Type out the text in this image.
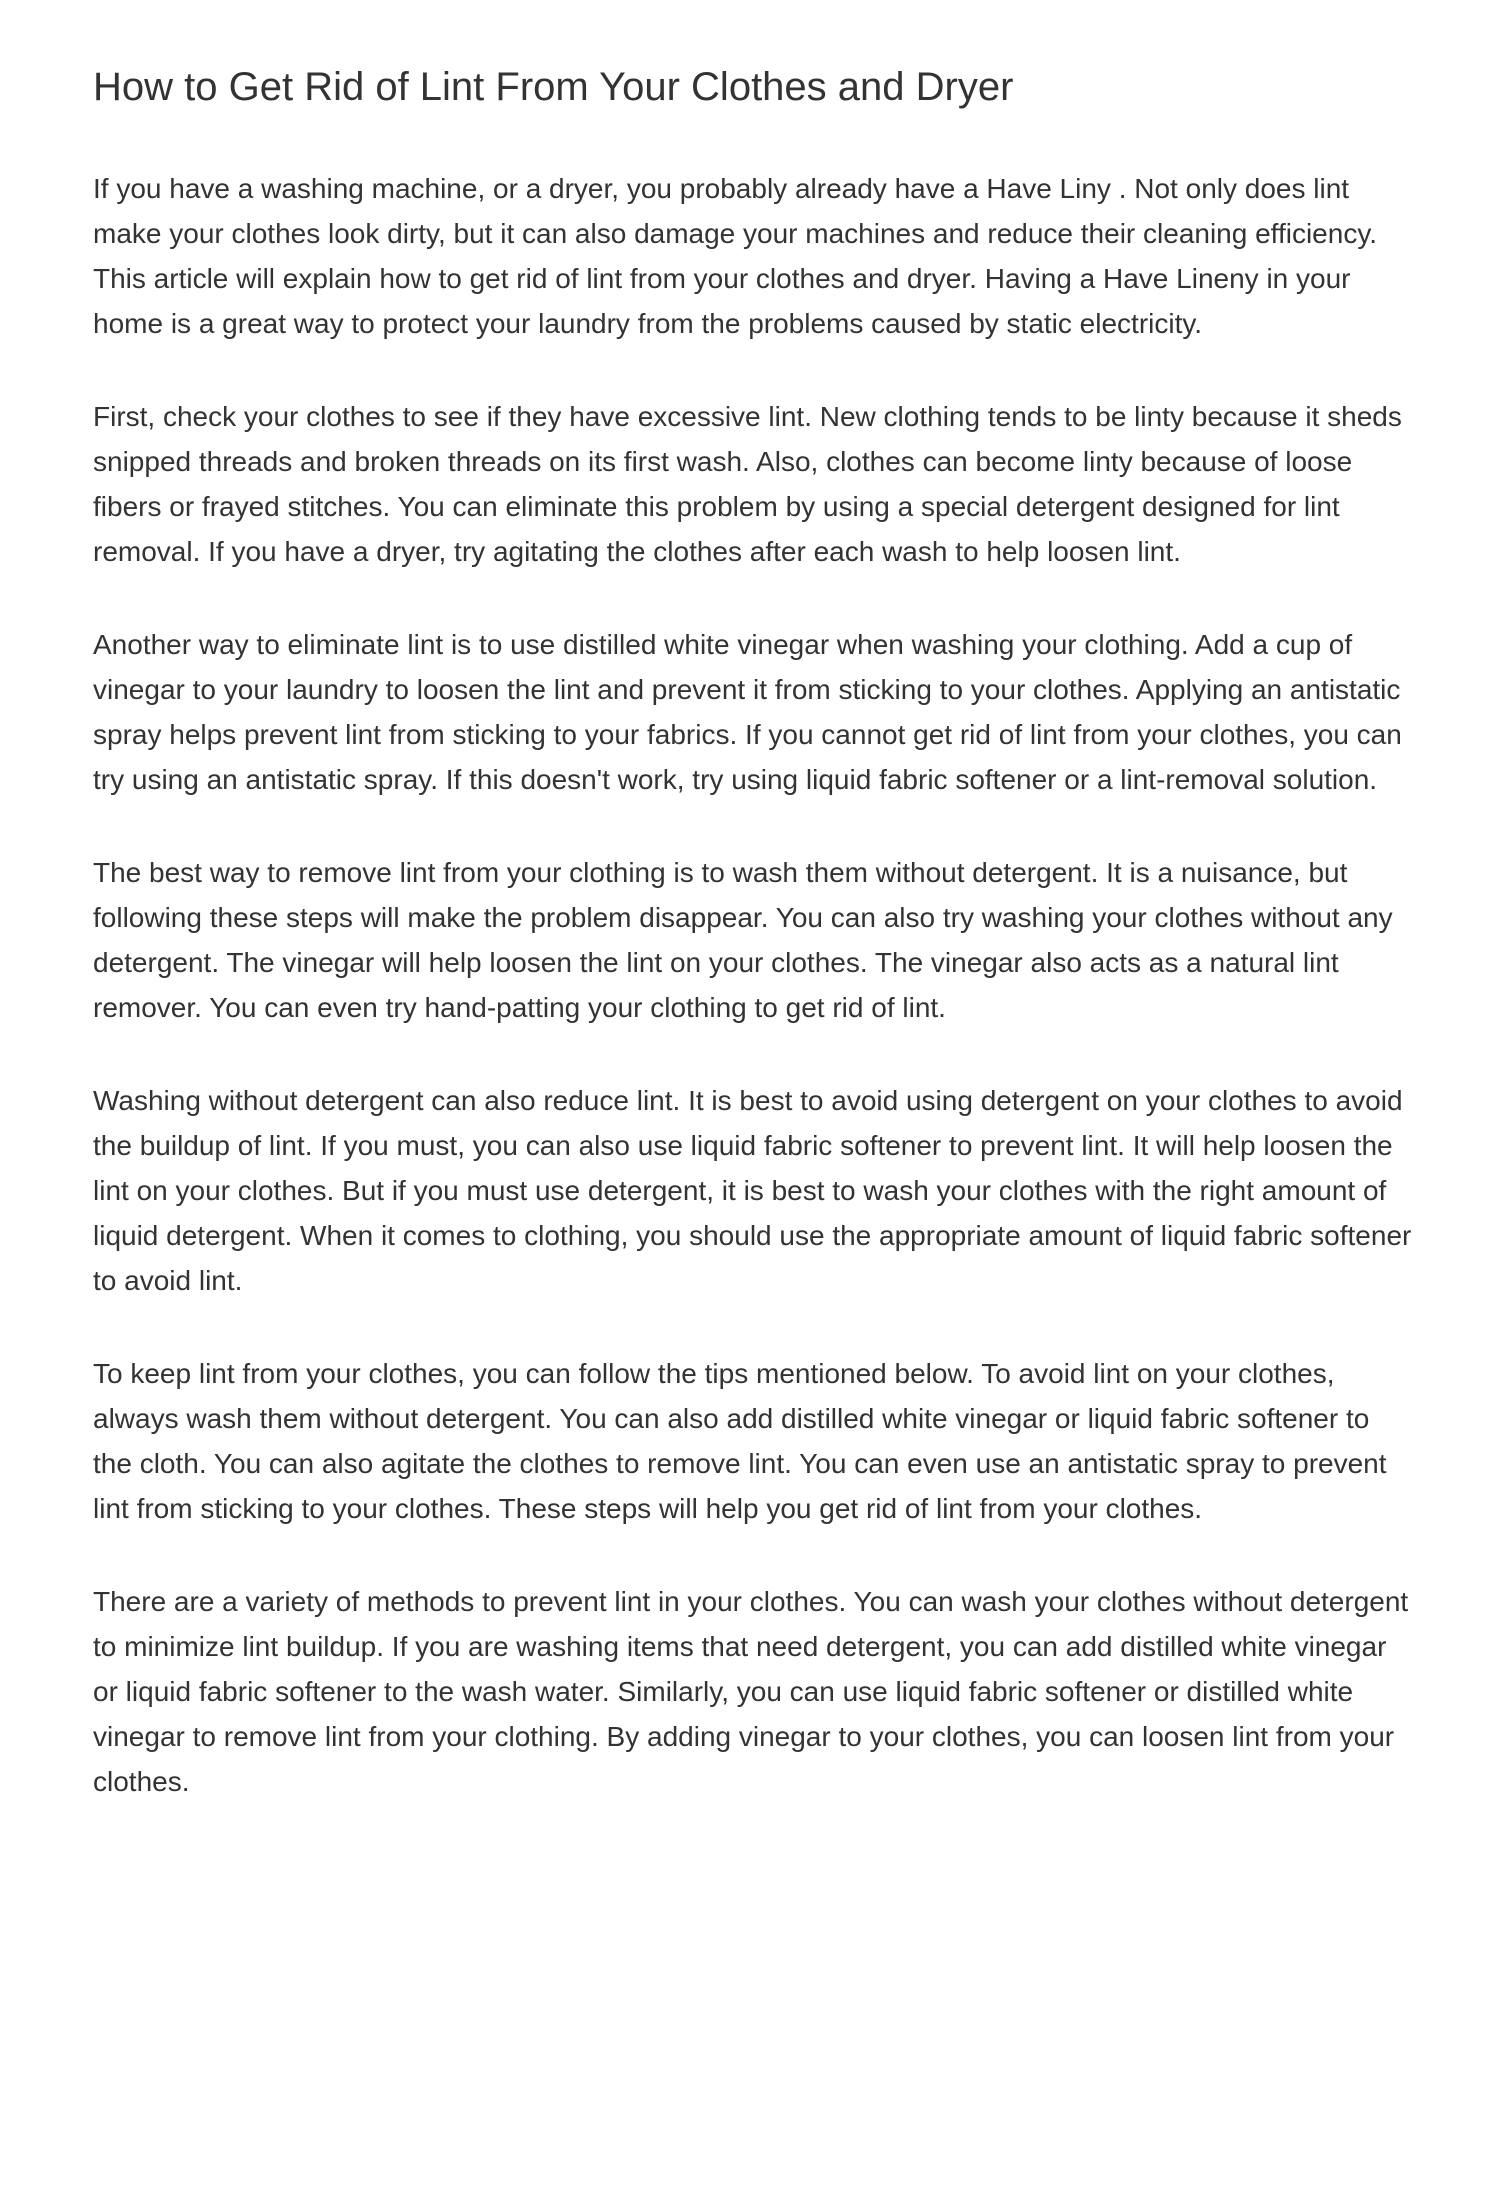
How to Get Rid of Lint From Your Clothes and Dryer

If you have a washing machine, or a dryer, you probably already have a Have Liny . Not only does lint make your clothes look dirty, but it can also damage your machines and reduce their cleaning efficiency. This article will explain how to get rid of lint from your clothes and dryer. Having a Have Lineny in your home is a great way to protect your laundry from the problems caused by static electricity.

First, check your clothes to see if they have excessive lint. New clothing tends to be linty because it sheds snipped threads and broken threads on its first wash. Also, clothes can become linty because of loose fibers or frayed stitches. You can eliminate this problem by using a special detergent designed for lint removal. If you have a dryer, try agitating the clothes after each wash to help loosen lint.

Another way to eliminate lint is to use distilled white vinegar when washing your clothing. Add a cup of vinegar to your laundry to loosen the lint and prevent it from sticking to your clothes. Applying an antistatic spray helps prevent lint from sticking to your fabrics. If you cannot get rid of lint from your clothes, you can try using an antistatic spray. If this doesn't work, try using liquid fabric softener or a lint-removal solution.

The best way to remove lint from your clothing is to wash them without detergent. It is a nuisance, but following these steps will make the problem disappear. You can also try washing your clothes without any detergent. The vinegar will help loosen the lint on your clothes. The vinegar also acts as a natural lint remover. You can even try hand-patting your clothing to get rid of lint.

Washing without detergent can also reduce lint. It is best to avoid using detergent on your clothes to avoid the buildup of lint. If you must, you can also use liquid fabric softener to prevent lint. It will help loosen the lint on your clothes. But if you must use detergent, it is best to wash your clothes with the right amount of liquid detergent. When it comes to clothing, you should use the appropriate amount of liquid fabric softener to avoid lint.

To keep lint from your clothes, you can follow the tips mentioned below. To avoid lint on your clothes, always wash them without detergent. You can also add distilled white vinegar or liquid fabric softener to the cloth. You can also agitate the clothes to remove lint. You can even use an antistatic spray to prevent lint from sticking to your clothes. These steps will help you get rid of lint from your clothes.

There are a variety of methods to prevent lint in your clothes. You can wash your clothes without detergent to minimize lint buildup. If you are washing items that need detergent, you can add distilled white vinegar or liquid fabric softener to the wash water. Similarly, you can use liquid fabric softener or distilled white vinegar to remove lint from your clothing. By adding vinegar to your clothes, you can loosen lint from your clothes.
